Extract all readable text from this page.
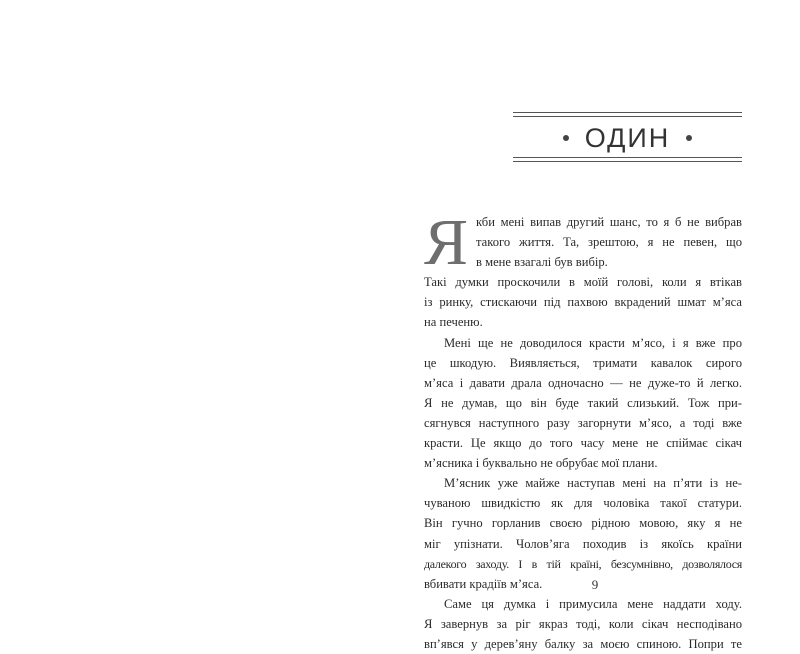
ОДИН
Я кби мені випав другий шанс, то я б не вибрав
такого життя. Та, зрештою, я не певен, що
в мене взагалі був вибір.
Такі думки проскочили в моїй голові, коли я втікав
із ринку, стискаючи під пахвою вкрадений шмат м’яса
на печеню.
Мені ще не доводилося красти м’ясо, і я вже про
це шкодую. Виявляється, тримати кавалок сирого
м’яса і давати драла одночасно — не дуже-то й легко.
Я не думав, що він буде такий слизький. Тож при-
сягнувся наступного разу загорнути м’ясо, а тоді вже
красти. Це якщо до того часу мене не спіймає сікач
м’ясника і буквально не обрубає мої плани.
М’ясник уже майже наступав мені на п’яти із не-
чуваною швидкістю як для чоловіка такої статури.
Він гучно горланив своєю рідною мовою, яку я не
міг упізнати. Чолов’яга походив із якоїсь країни
далекого заходу. І в тій країні, безсумнівно, дозволялося
вбивати крадіїв м’яса.
Саме ця думка і примусила мене наддати ходу.
Я завернув за ріг якраз тоді, коли сікач несподівано
вп’явся у дерев’яну балку за моєю спиною. Попри те
9
